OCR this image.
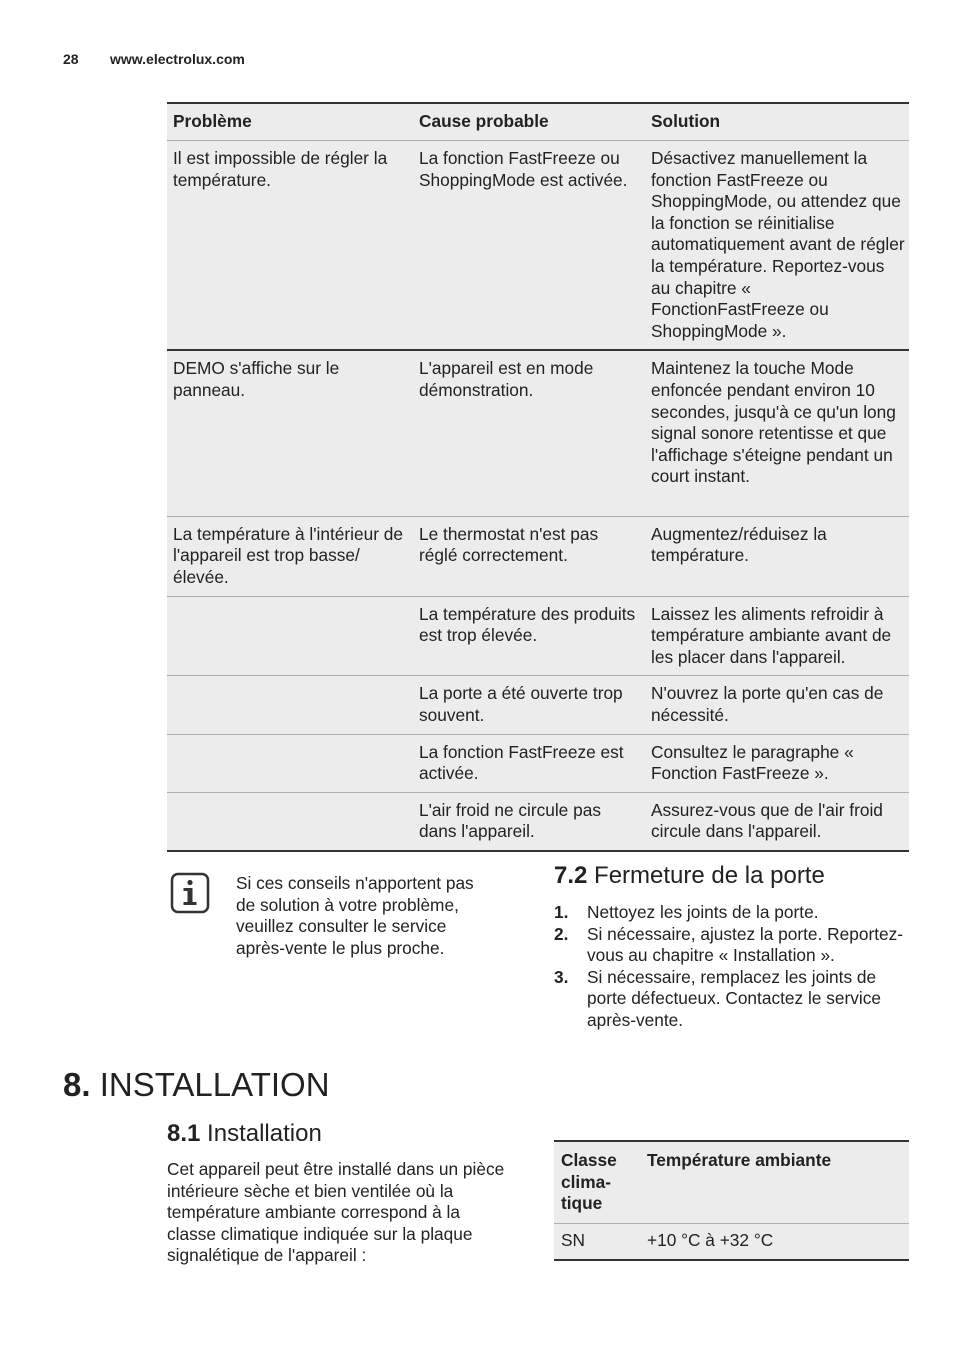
28 www.electrolux.com
Problème	Cause probable	Solution
Il est impossible de régler la température.	La fonction FastFreeze ou ShoppingMode est activée.	Désactivez manuellement la fonction FastFreeze ou ShoppingMode, ou attendez que la fonction se réinitialise automatiquement avant de régler la température. Reportez-vous au chapitre « FonctionFastFreeze ou ShoppingMode ».
DEMO s'affiche sur le panneau.	L'appareil est en mode démonstration.	Maintenez la touche Mode enfoncée pendant environ 10 secondes, jusqu'à ce qu'un long signal sonore retentisse et que l'affichage s'éteigne pendant un court instant.
La température à l'intérieur de l'appareil est trop basse/ élevée.	Le thermostat n'est pas réglé correctement.	Augmentez/réduisez la température.
	La température des produits est trop élevée.	Laissez les aliments refroidir à température ambiante avant de les placer dans l'appareil.
	La porte a été ouverte trop souvent.	N'ouvrez la porte qu'en cas de nécessité.
	La fonction FastFreeze est activée.	Consultez le paragraphe « Fonction FastFreeze ».
	L'air froid ne circule pas dans l'appareil.	Assurez-vous que de l'air froid circule dans l'appareil.
Si ces conseils n'apportent pas de solution à votre problème, veuillez consulter le service après-vente le plus proche.
7.2 Fermeture de la porte
1. Nettoyez les joints de la porte.
2. Si nécessaire, ajustez la porte. Reportez-vous au chapitre « Installation ».
3. Si nécessaire, remplacez les joints de porte défectueux. Contactez le service après-vente.
8. INSTALLATION
8.1 Installation
Cet appareil peut être installé dans un pièce intérieure sèche et bien ventilée où la température ambiante correspond à la classe climatique indiquée sur la plaque signalétique de l'appareil :
Classe clima-tique	Température ambiante
SN	+10 °C à +32 °C
